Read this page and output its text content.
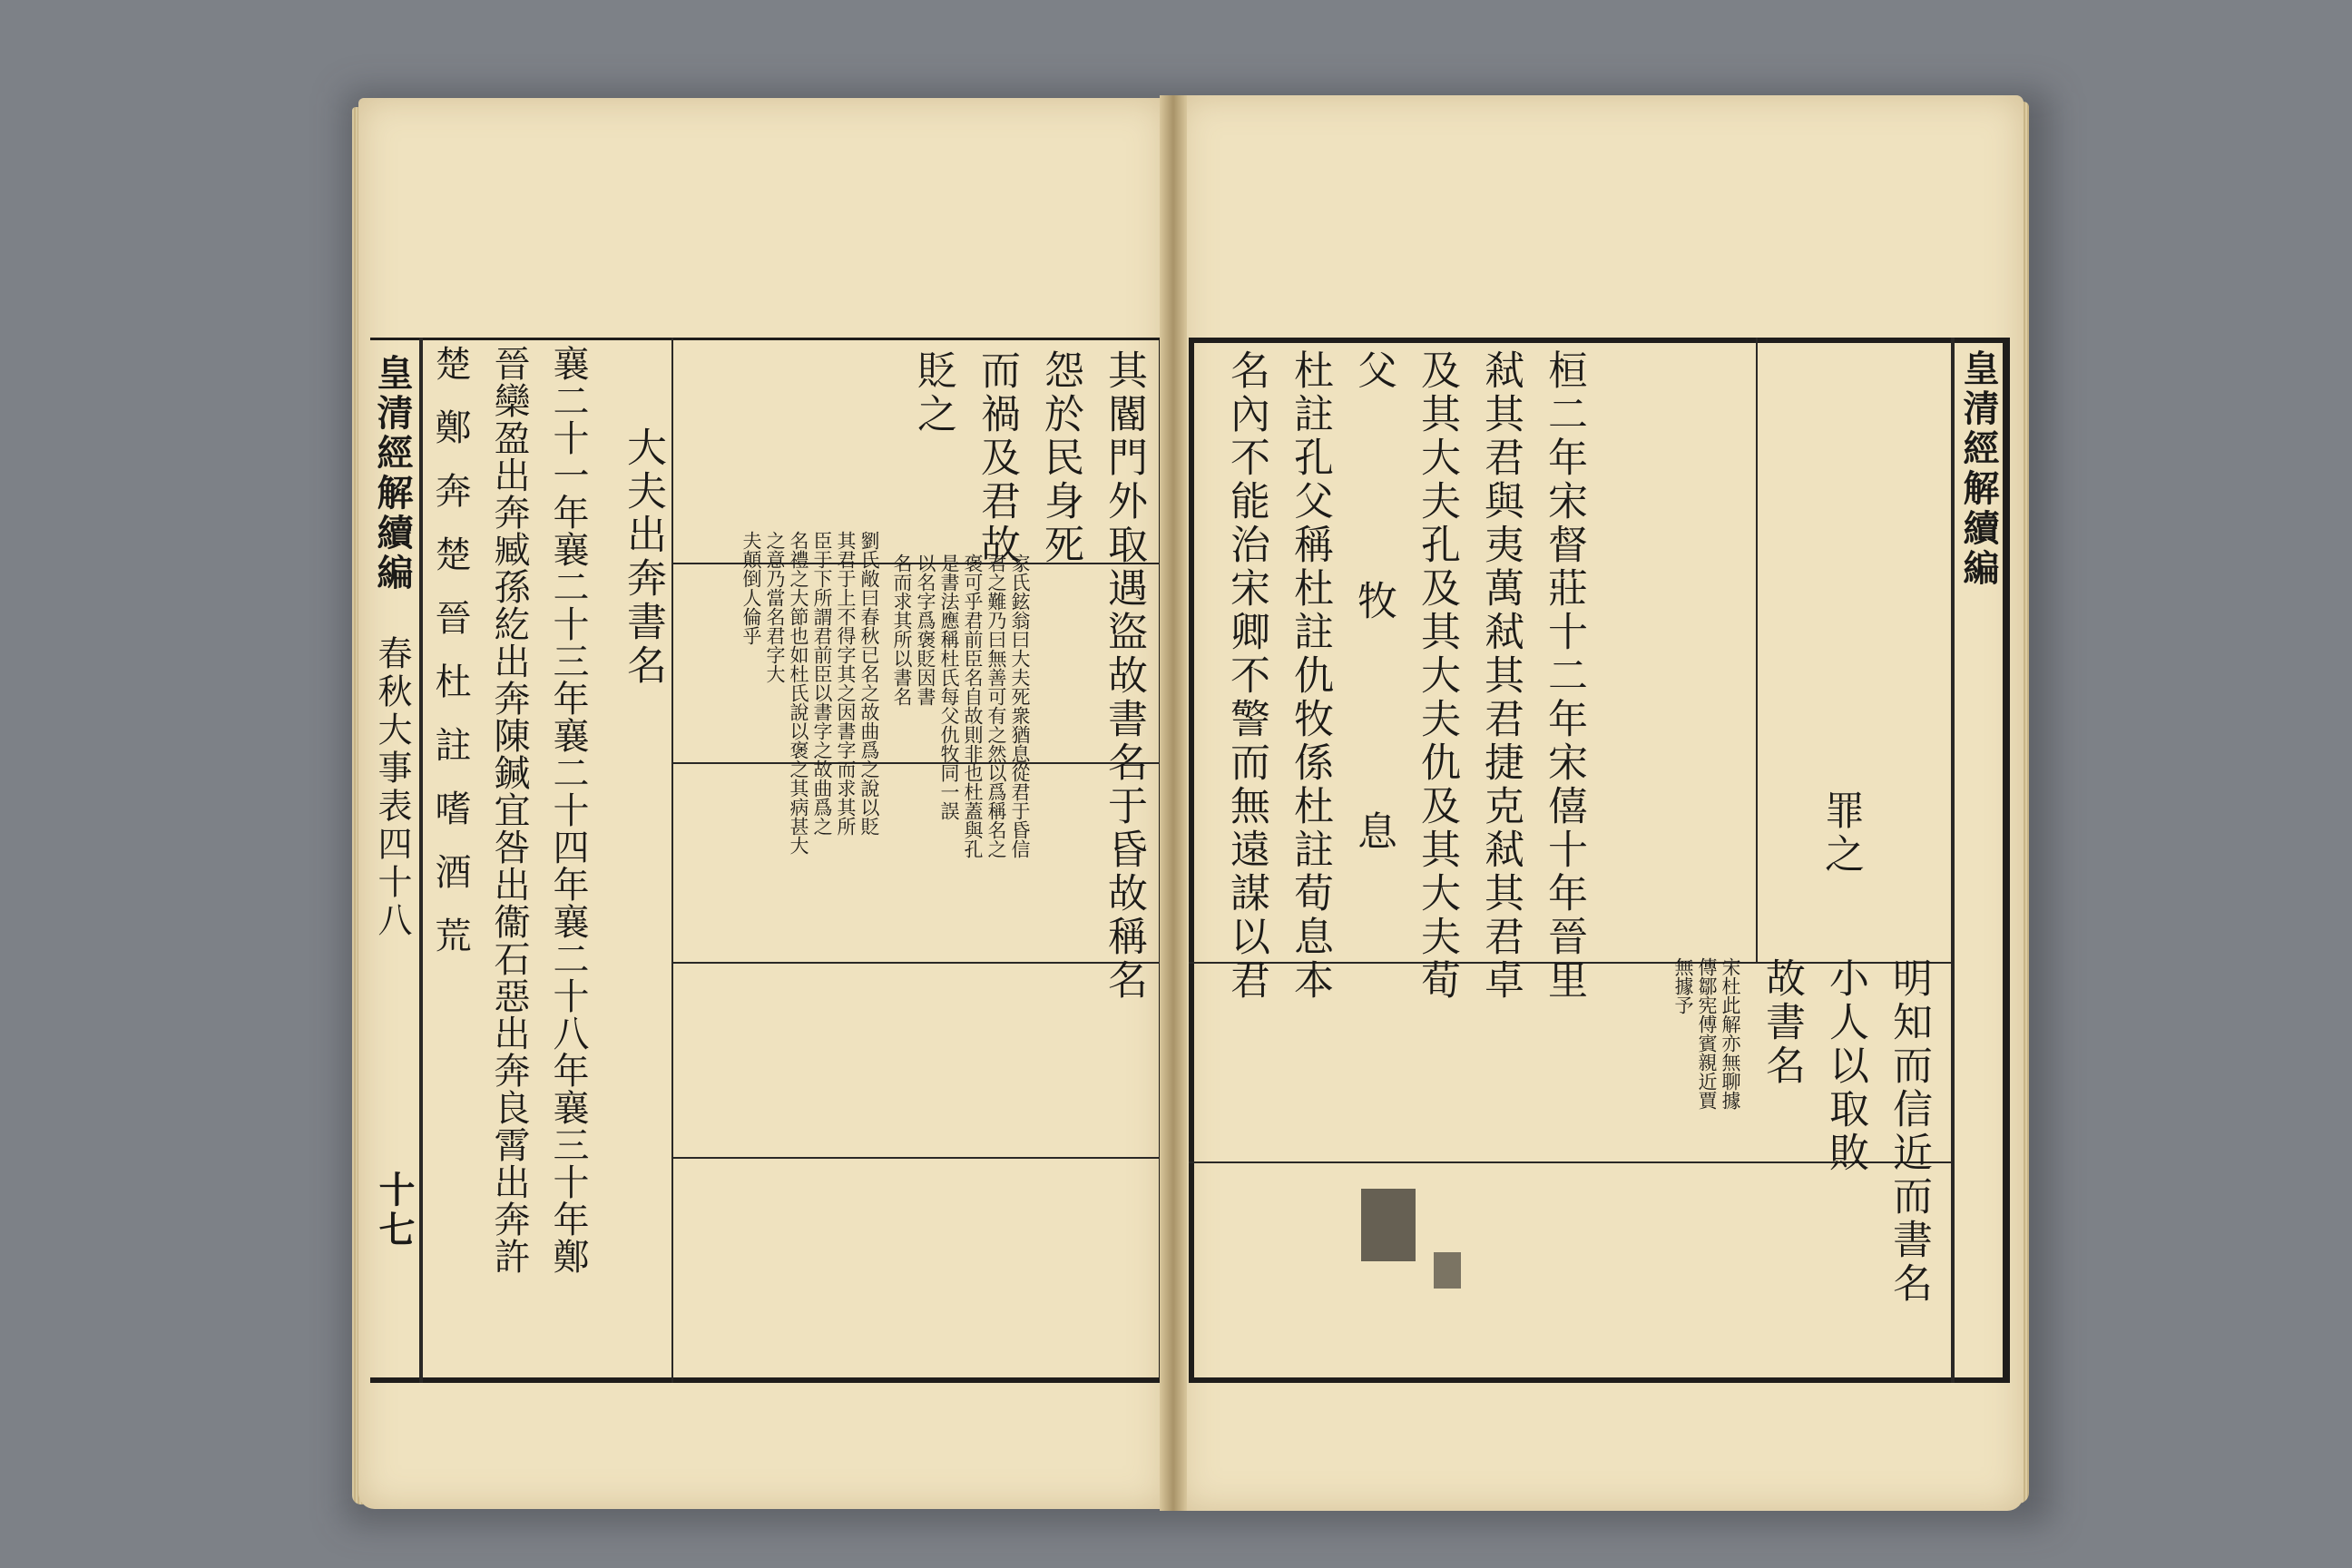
皇清經解續編
春秋大事表四十八
十七
其閽門外取遇盜故書名于昏故稱名
怨於民身死
而禍及君故
貶之
家氏鉉翁曰大夫死衆猶息從君于昏信
君之難乃曰無善可有之然以爲稱名之
褒可乎君前臣名自故則非也杜蓋與孔
是書法應稱杜氏每父仇牧同一誤
以名字爲褒貶因書
名而求其所以書名
劉氏敞曰春秋已名之故曲爲之說以貶
其君于上不得字其之因書字而求其所
臣于下所謂君前臣以書字之故曲爲之
名禮之大節也如杜氏說以褒之其病甚大
之意乃當名君字大
夫顛倒人倫乎
大夫出奔書名
襄二十一年襄二十三年襄二十四年襄二十八年襄三十年鄭
晉欒盈出奔臧孫紇出奔陳鍼宜咎出衞石惡出奔良霄出奔許
楚鄭奔楚晉杜註嗜酒荒	皇清經解續編
桓二年宋督莊十二年宋僖十年晉里
弒其君與夷萬弒其君捷克弒其君卓
及其大夫孔及其大夫仇及其大夫荀
父牧息
杜註孔父稱杜註仇牧係杜註荀息本
名內不能治宋卿不警而無遠謀以君	罪之
明知而信近而書名
小人以取敗
故書名
宋杜此解亦無聊據
傳鄒宪傅賓親近賈
無據予
